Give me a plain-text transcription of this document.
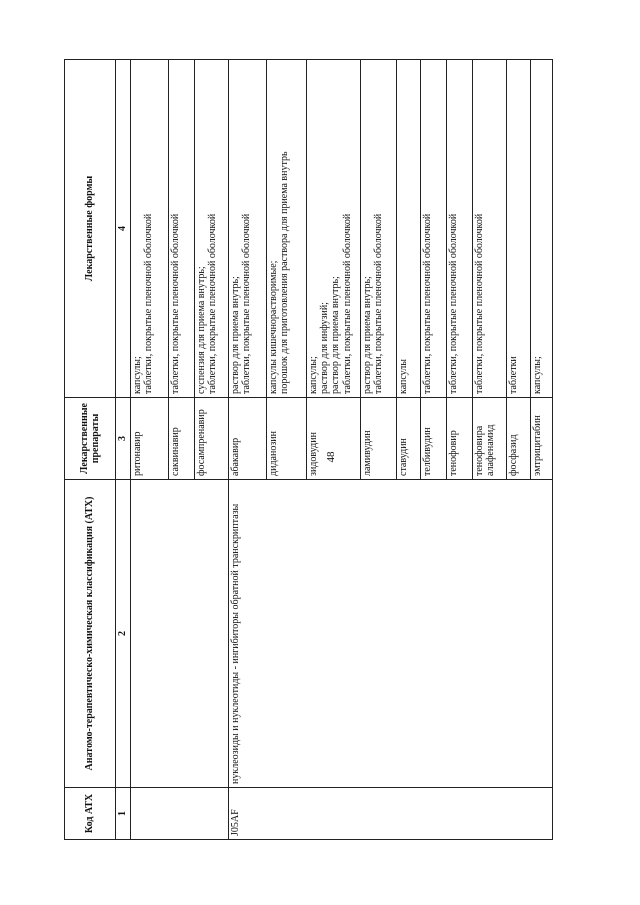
48
Код АТХ	Анатомо-терапевтическо-химическая классификация (АТХ)	Лекарственные препараты	Лекарственные формы
1	2	3	4
		ритонавир	капсулы; таблетки, покрытые пленочной оболочкой

		саквинавир	таблетки, покрытые пленочной оболочкой

		фосампренавир	суспензия для приема внутрь; таблетки, покрытые пленочной оболочкой

J05AF	нуклеозиды и нуклеотиды - ингибиторы обратной транскриптазы	абакавир	раствор для приема внутрь; таблетки, покрытые пленочной оболочкой

		диданозин	капсулы кишечнорастворимые; порошок для приготовления раствора для приема внутрь

		зидовудин	капсулы; раствор для инфузий; раствор для приема внутрь; таблетки, покрытые пленочной оболочкой

		ламивудин	раствор для приема внутрь; таблетки, покрытые пленочной оболочкой

		ставудин	капсулы

		телбивудин	таблетки, покрытые пленочной оболочкой

		тенофовир	таблетки, покрытые пленочной оболочкой

		тенофовира алафенамид	таблетки, покрытые пленочной оболочкой

		фосфазид	таблетки

		эмтрицитабин	капсулы;
